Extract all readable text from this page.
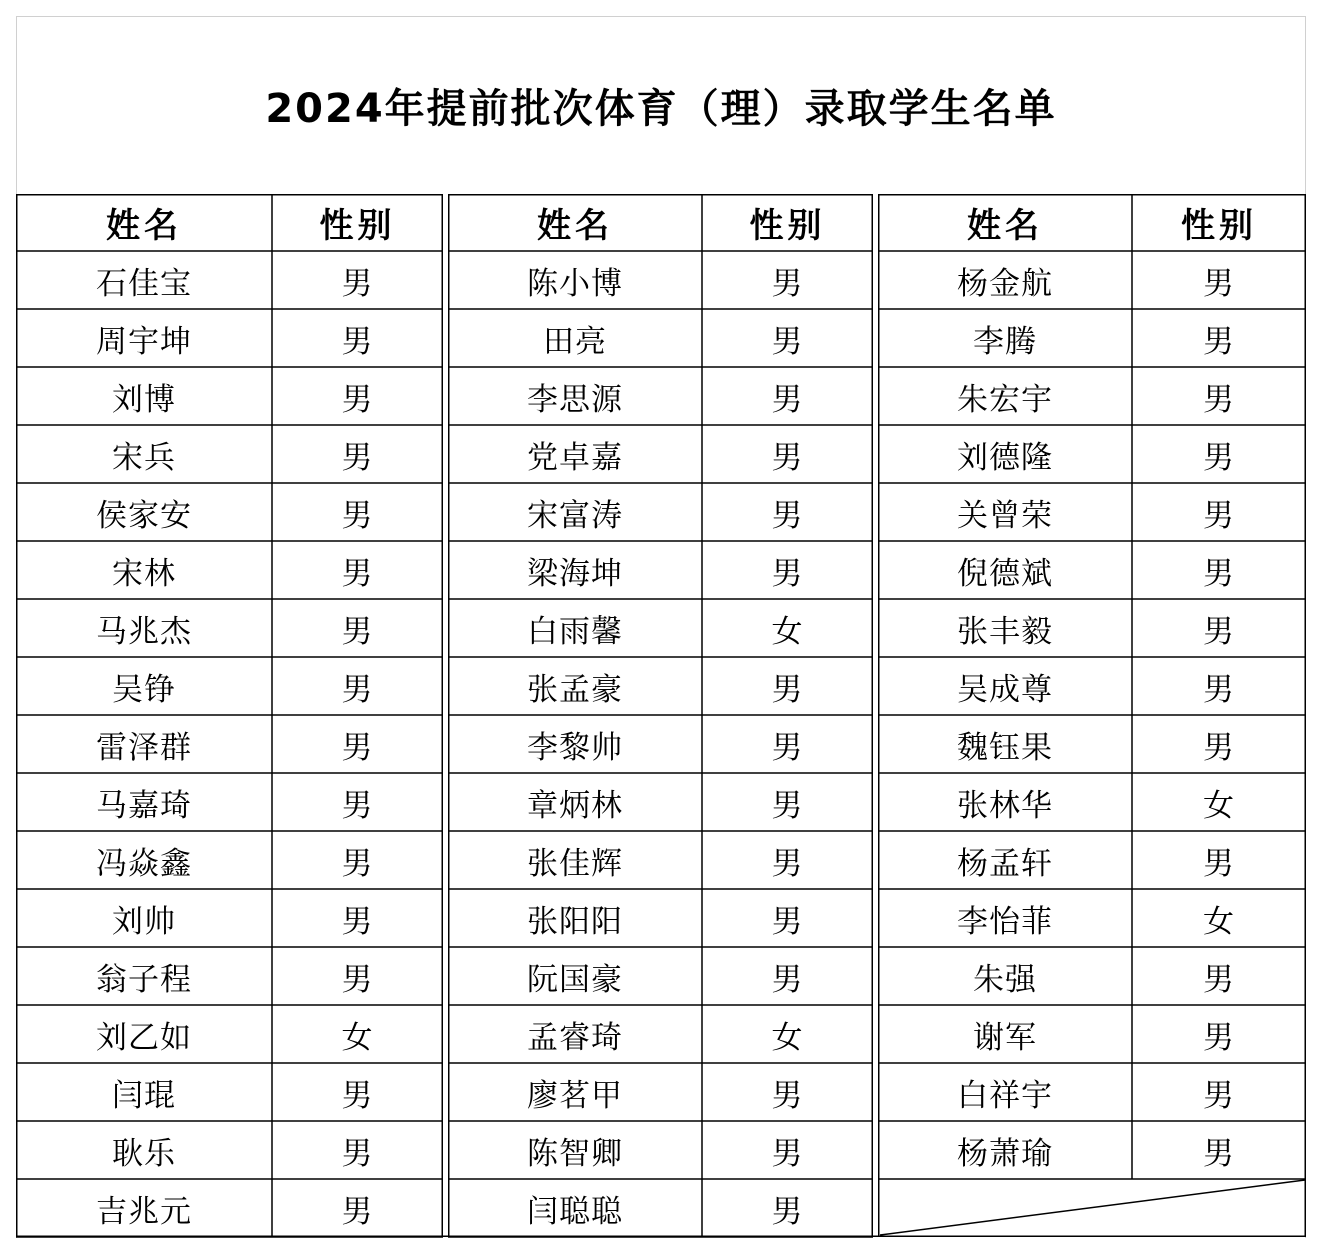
2024年提前批次体育（理）录取学生名单
姓名	性别
石佳宝	男
周宇坤	男
刘博	男
宋兵	男
侯家安	男
宋林	男
马兆杰	男
吴铮	男
雷泽群	男
马嘉琦	男
冯焱鑫	男
刘帅	男
翁子程	男
刘乙如	女
闫琨	男
耿乐	男
吉兆元	男
姓名	性别
陈小博	男
田亮	男
李思源	男
党卓嘉	男
宋富涛	男
梁海坤	男
白雨馨	女
张孟豪	男
李黎帅	男
章炳林	男
张佳辉	男
张阳阳	男
阮国豪	男
孟睿琦	女
廖茗甲	男
陈智卿	男
闫聪聪	男
姓名	性别
杨金航	男
李腾	男
朱宏宇	男
刘德隆	男
关曾荣	男
倪德斌	男
张丰毅	男
吴成尊	男
魏钰果	男
张林华	女
杨孟轩	男
李怡菲	女
朱强	男
谢军	男
白祥宇	男
杨萧瑜	男
